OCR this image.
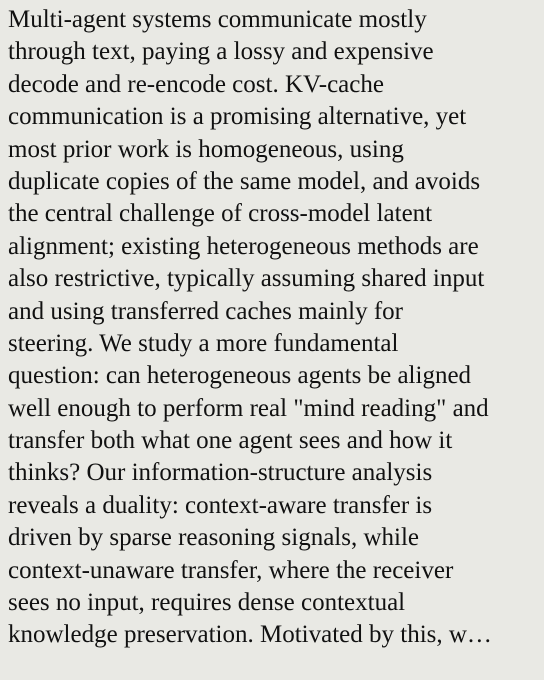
Multi-agent systems communicate mostly
through text, paying a lossy and expensive
decode and re-encode cost. KV-cache
communication is a promising alternative, yet
most prior work is homogeneous, using
duplicate copies of the same model, and avoids
the central challenge of cross-model latent
alignment; existing heterogeneous methods are
also restrictive, typically assuming shared input
and using transferred caches mainly for
steering. We study a more fundamental
question: can heterogeneous agents be aligned
well enough to perform real "mind reading" and
transfer both what one agent sees and how it
thinks? Our information-structure analysis
reveals a duality: context-aware transfer is
driven by sparse reasoning signals, while
context-unaware transfer, where the receiver
sees no input, requires dense contextual
knowledge preservation. Motivated by this, w…
